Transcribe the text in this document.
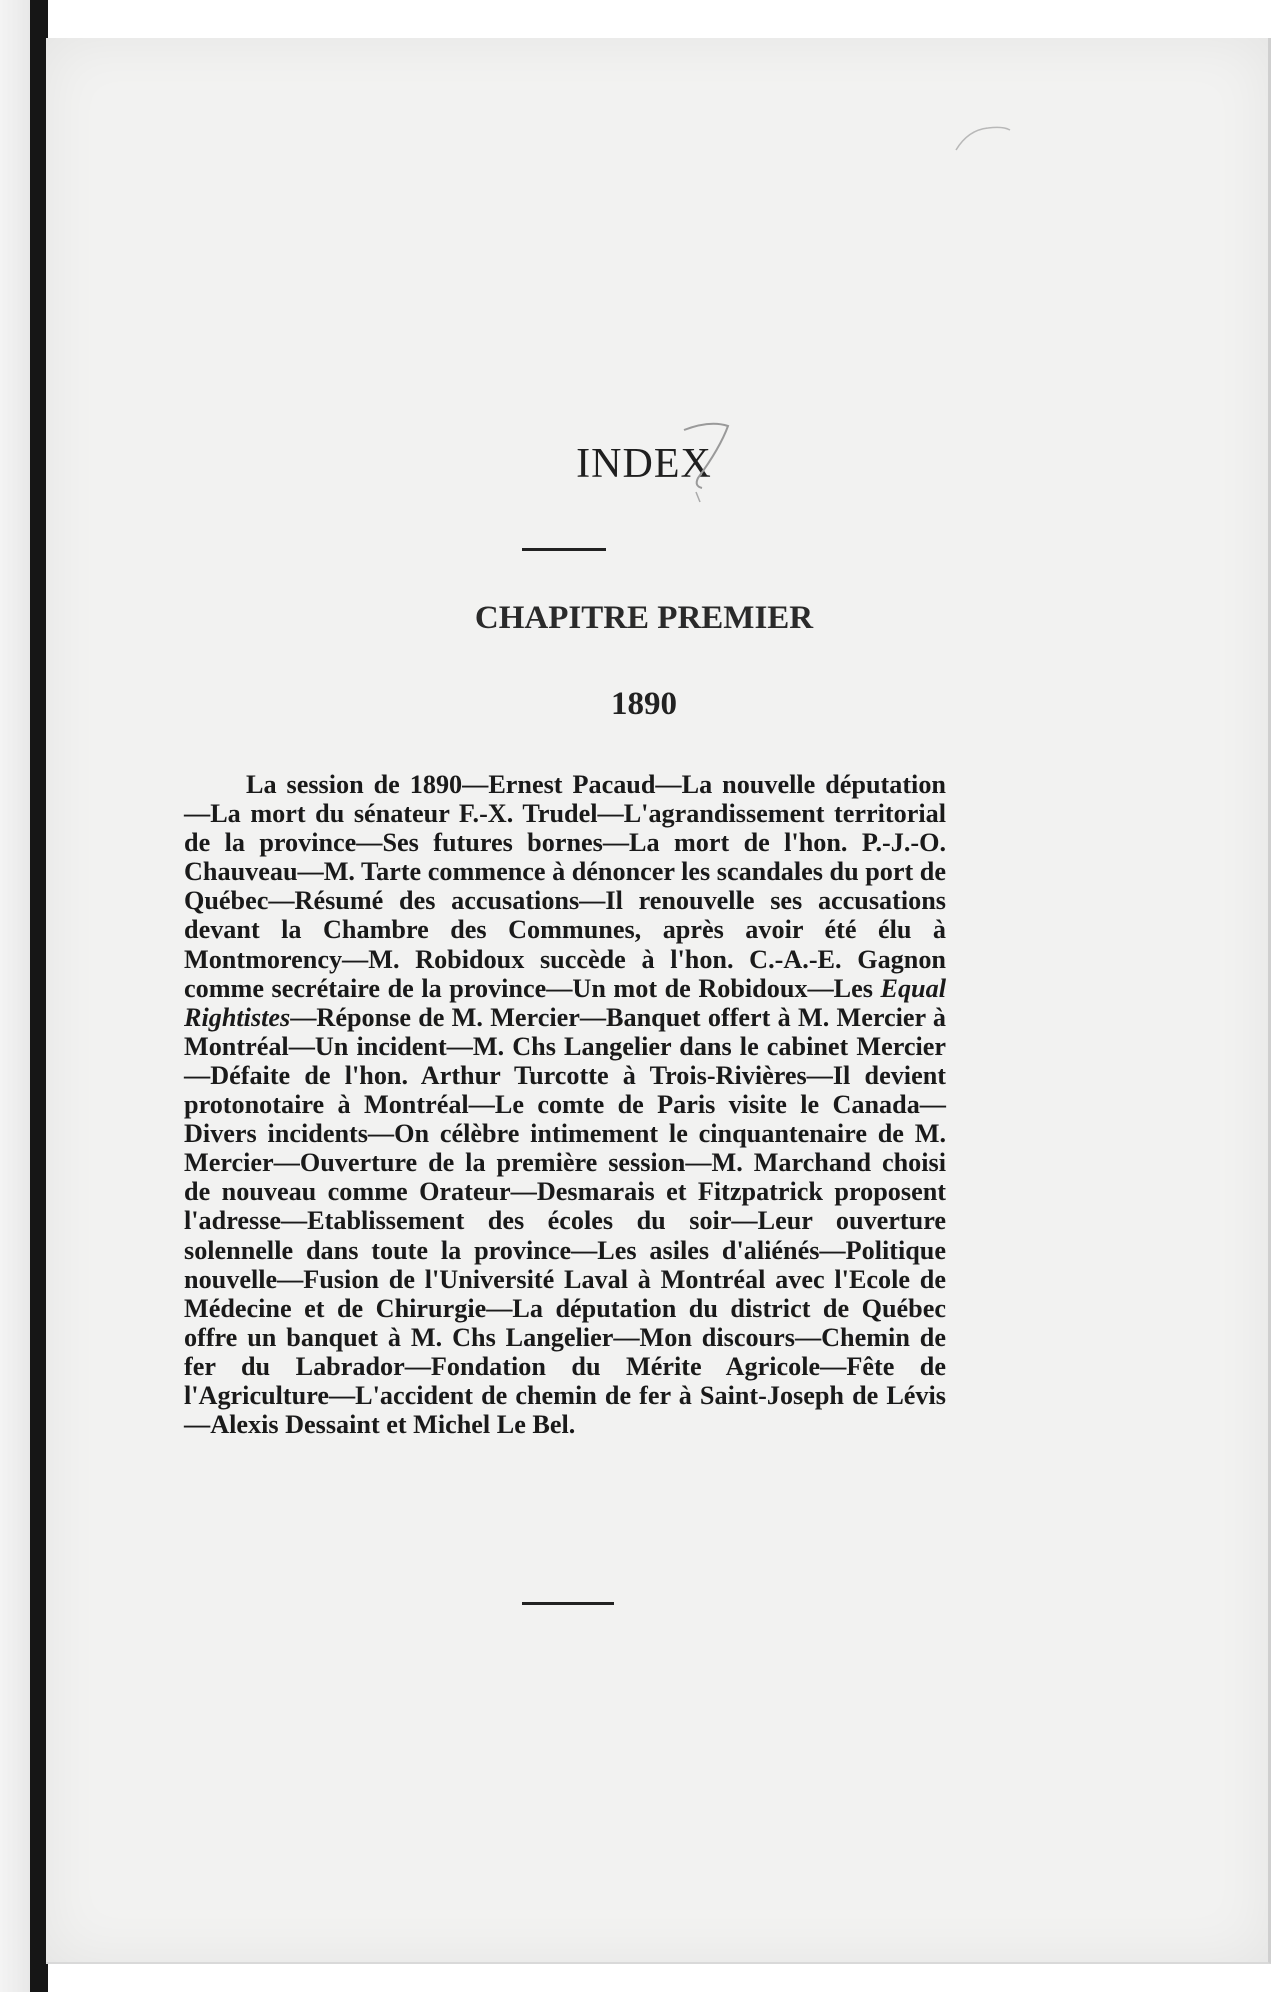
INDEX
CHAPITRE PREMIER
1890

La session de 1890—Ernest Pacaud—La nouvelle députation—La mort du sénateur F.-X. Trudel—L'agrandissement territorial de la province—Ses futures bornes—La mort de l'hon. P.-J.-O. Chauveau—M. Tarte commence à dénoncer les scandales du port de Québec—Résumé des accusations—Il renouvelle ses accusations devant la Chambre des Communes, après avoir été élu à Montmorency—M. Robidoux succède à l'hon. C.-A.-E. Gagnon comme secrétaire de la province—Un mot de Robidoux—Les Equal Rightistes—Réponse de M. Mercier—Banquet offert à M. Mercier à Montréal—Un incident—M. Chs Langelier dans le cabinet Mercier—Défaite de l'hon. Arthur Turcotte à Trois-Rivières—Il devient protonotaire à Montréal—Le comte de Paris visite le Canada—Divers incidents—On célèbre intimement le cinquantenaire de M. Mercier—Ouverture de la première session—M. Marchand choisi de nouveau comme Orateur—Desmarais et Fitzpatrick proposent l'adresse—Etablissement des écoles du soir—Leur ouverture solennelle dans toute la province—Les asiles d'aliénés—Politique nouvelle—Fusion de l'Université Laval à Montréal avec l'Ecole de Médecine et de Chirurgie—La députation du district de Québec offre un banquet à M. Chs Langelier—Mon discours—Chemin de fer du Labrador—Fondation du Mérite Agricole—Fête de l'Agriculture—L'accident de chemin de fer à Saint-Joseph de Lévis—Alexis Dessaint et Michel Le Bel.
